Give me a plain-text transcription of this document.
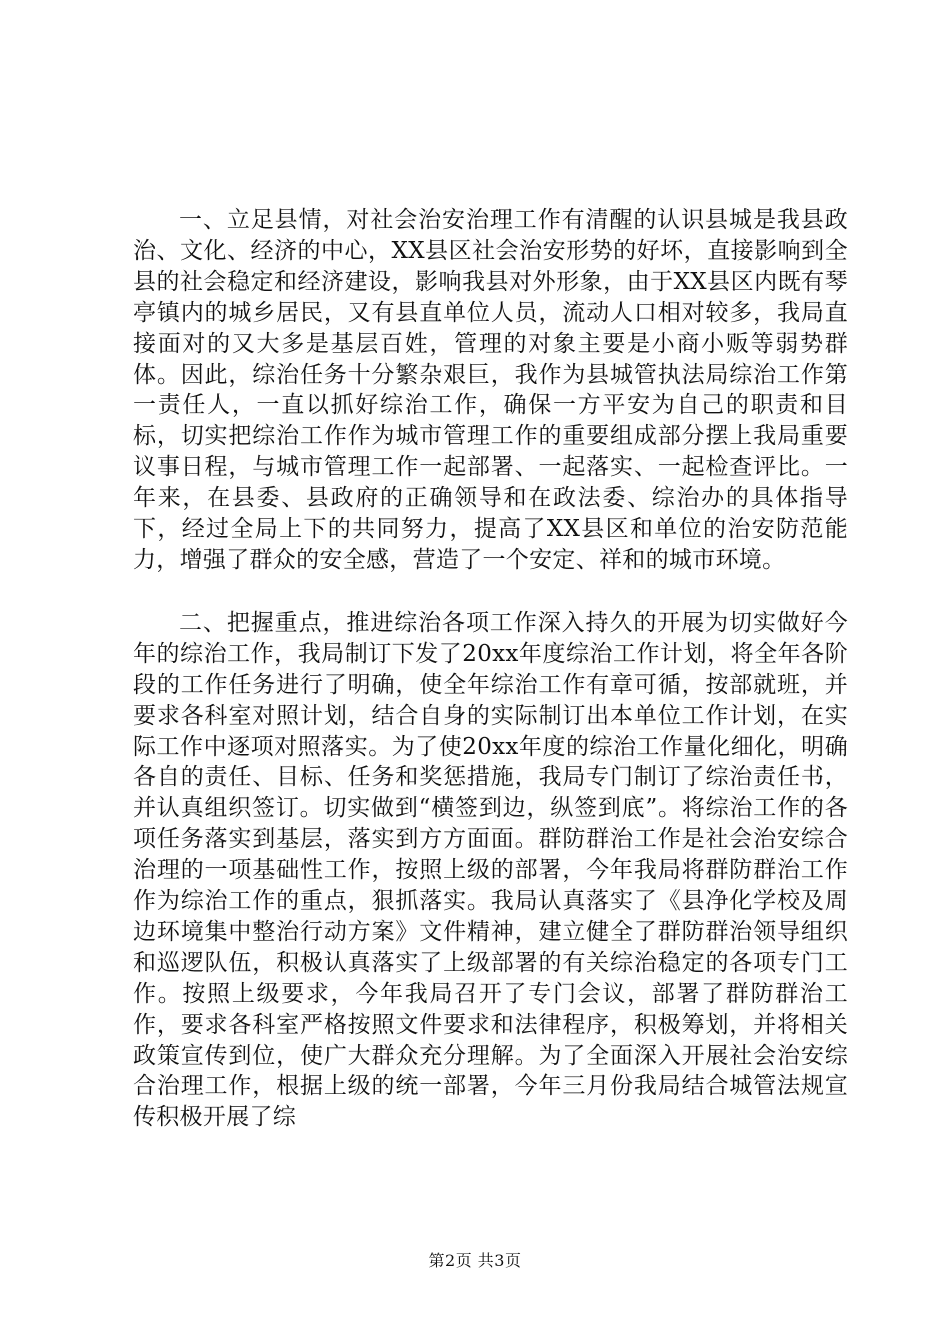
一、立足县情，对社会治安治理工作有清醒的认识县城是我县政治、文化、经济的中心，XX县区社会治安形势的好坏，直接影响到全县的社会稳定和经济建设，影响我县对外形象，由于XX县区内既有琴亭镇内的城乡居民，又有县直单位人员，流动人口相对较多，我局直接面对的又大多是基层百姓，管理的对象主要是小商小贩等弱势群体。因此，综治任务十分繁杂艰巨，我作为县城管执法局综治工作第一责任人，一直以抓好综治工作，确保一方平安为自己的职责和目标，切实把综治工作作为城市管理工作的重要组成部分摆上我局重要议事日程，与城市管理工作一起部署、一起落实、一起检查评比。一年来，在县委、县政府的正确领导和在政法委、综治办的具体指导下，经过全局上下的共同努力，提高了XX县区和单位的治安防范能力，增强了群众的安全感，营造了一个安定、祥和的城市环境。

二、把握重点，推进综治各项工作深入持久的开展为切实做好今年的综治工作，我局制订下发了20xx年度综治工作计划，将全年各阶段的工作任务进行了明确，使全年综治工作有章可循，按部就班，并要求各科室对照计划，结合自身的实际制订出本单位工作计划，在实际工作中逐项对照落实。为了使20xx年度的综治工作量化细化，明确各自的责任、目标、任务和奖惩措施，我局专门制订了综治责任书，并认真组织签订。切实做到“横签到边，纵签到底”。将综治工作的各项任务落实到基层，落实到方方面面。群防群治工作是社会治安综合治理的一项基础性工作，按照上级的部署，今年我局将群防群治工作作为综治工作的重点，狠抓落实。我局认真落实了《县净化学校及周边环境集中整治行动方案》文件精神，建立健全了群防群治领导组织和巡逻队伍，积极认真落实了上级部署的有关综治稳定的各项专门工作。按照上级要求，今年我局召开了专门会议，部署了群防群治工作，要求各科室严格按照文件要求和法律程序，积极筹划，并将相关政策宣传到位，使广大群众充分理解。为了全面深入开展社会治安综合治理工作，根据上级的统一部署，今年三月份我局结合城管法规宣传积极开展了综

第2页 共3页
